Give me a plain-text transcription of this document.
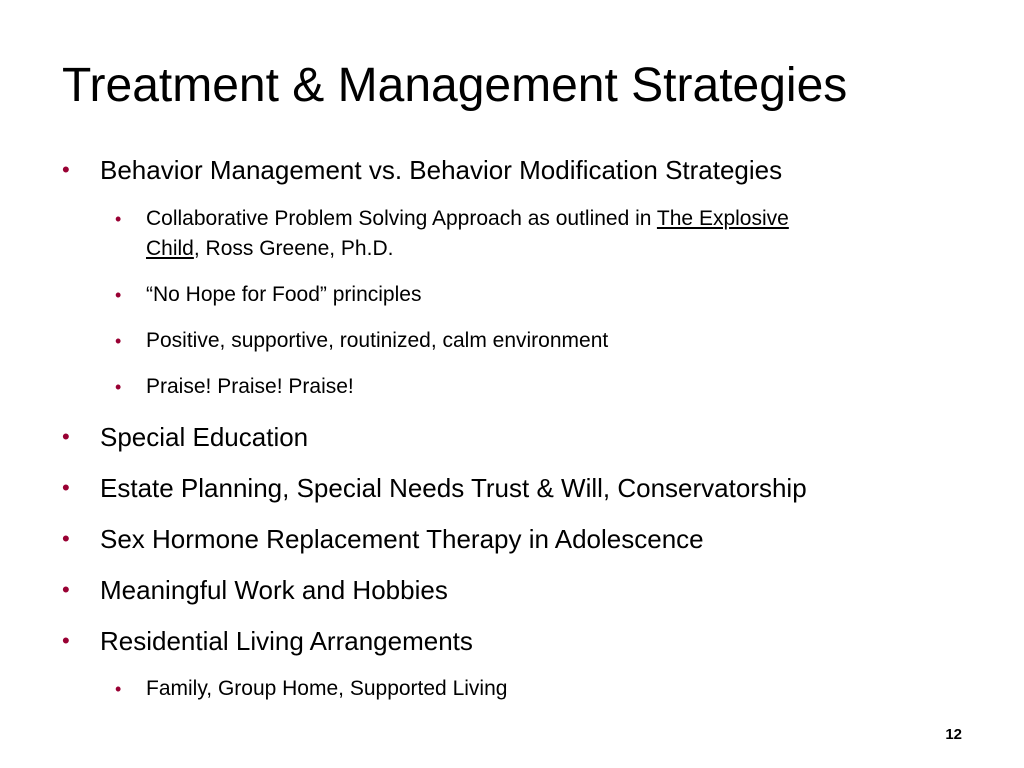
Treatment & Management Strategies

• Behavior Management vs. Behavior Modification Strategies

• Collaborative Problem Solving Approach as outlined in The Explosive
Child, Ross Greene, Ph.D.

• “No Hope for Food” principles

• Positive, supportive, routinized, calm environment

• Praise! Praise! Praise!

• Special Education

• Estate Planning, Special Needs Trust & Will, Conservatorship

• Sex Hormone Replacement Therapy in Adolescence

• Meaningful Work and Hobbies

• Residential Living Arrangements

• Family, Group Home, Supported Living

12
